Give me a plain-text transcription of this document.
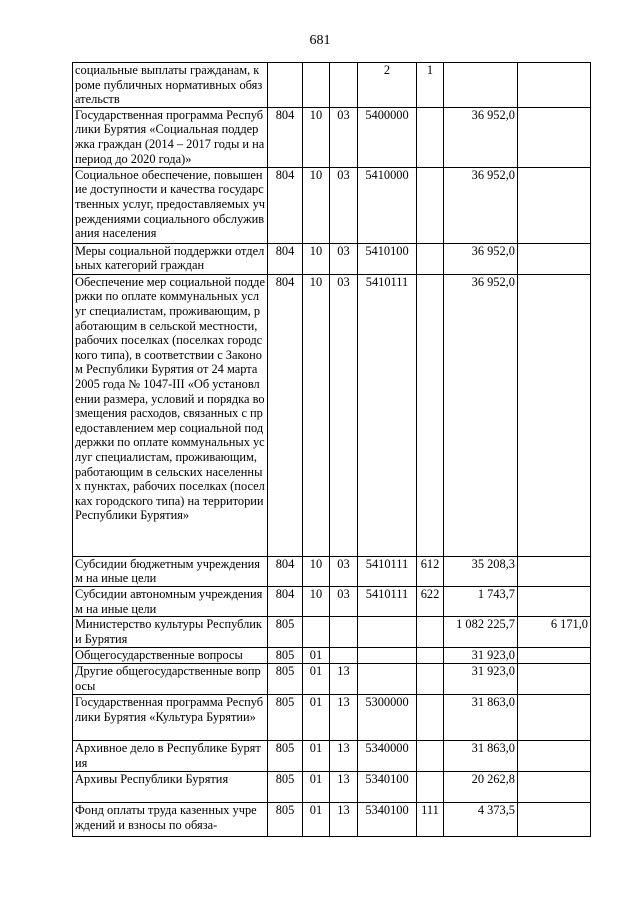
681
социальные выплаты гражданам, кроме публичных нормативных обязательств				2	1		
Государственная программа Республики Бурятия «Социальная поддержка граждан (2014 – 2017 годы и на период до 2020 года)»	804	10	03	5400000		36 952,0	
Социальное обеспечение, повышение доступности и качества государственных услуг, предоставляемых учреждениями социального обслуживания населения	804	10	03	5410000		36 952,0	
Меры социальной поддержки отдельных категорий граждан	804	10	03	5410100		36 952,0	
Обеспечение мер социальной поддержки по оплате коммунальных услуг специалистам, проживающим, работающим в сельской местности, рабочих поселках (поселках городского типа), в соответствии с Законом Республики Бурятия от 24 марта 2005 года № 1047-III «Об установлении размера, условий и порядка возмещения расходов, связанных с предоставлением мер социальной поддержки по оплате коммунальных услуг специалистам, проживающим, работающим в сельских населенных пунктах, рабочих поселках (поселках городского типа) на территории Республики Бурятия»	804	10	03	5410111		36 952,0	
Субсидии бюджетным учреждениям на иные цели	804	10	03	5410111	612	35 208,3	
Субсидии автономным учреждениям на иные цели	804	10	03	5410111	622	1 743,7	
Министерство культуры Республики Бурятия	805					1 082 225,7	6 171,0
Общегосударственные вопросы	805	01				31 923,0	
Другие общегосударственные вопросы	805	01	13			31 923,0	
Государственная программа Республики Бурятия «Культура Бурятии»	805	01	13	5300000		31 863,0	
Архивное дело в Республике Бурятия	805	01	13	5340000		31 863,0	
Архивы Республики Бурятия	805	01	13	5340100		20 262,8	
Фонд оплаты труда казенных учреждений и взносы по обяза-	805	01	13	5340100	111	4 373,5	
